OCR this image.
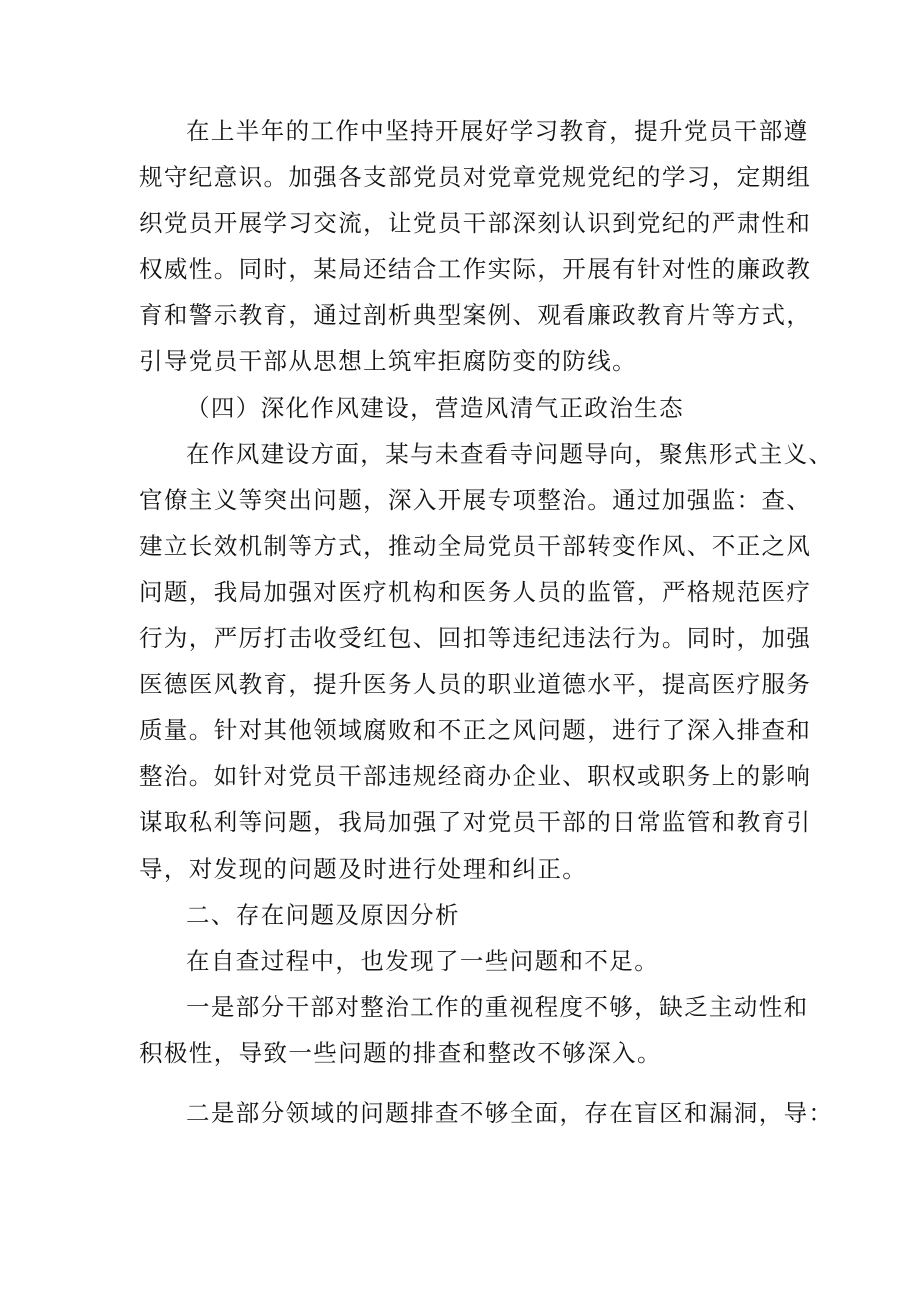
在上半年的工作中坚持开展好学习教育，提升党员干部遵
规守纪意识。加强各支部党员对党章党规党纪的学习，定期组
织党员开展学习交流，让党员干部深刻认识到党纪的严肃性和
权威性。同时，某局还结合工作实际，开展有针对性的廉政教
育和警示教育，通过剖析典型案例、观看廉政教育片等方式，
引导党员干部从思想上筑牢拒腐防变的防线。
（四）深化作风建设，营造风清气正政治生态
在作风建设方面，某与未查看寺问题导向，聚焦形式主义、
官僚主义等突出问题，深入开展专项整治。通过加强监：查、
建立长效机制等方式，推动全局党员干部转变作风、不正之风
问题，我局加强对医疗机构和医务人员的监管，严格规范医疗
行为，严厉打击收受红包、回扣等违纪违法行为。同时，加强
医德医风教育，提升医务人员的职业道德水平，提高医疗服务
质量。针对其他领域腐败和不正之风问题，进行了深入排查和
整治。如针对党员干部违规经商办企业、职权或职务上的影响
谋取私利等问题，我局加强了对党员干部的日常监管和教育引
导，对发现的问题及时进行处理和纠正。
二、存在问题及原因分析
在自查过程中，也发现了一些问题和不足。
一是部分干部对整治工作的重视程度不够，缺乏主动性和
积极性，导致一些问题的排查和整改不够深入。
二是部分领域的问题排查不够全面，存在盲区和漏洞，导：
